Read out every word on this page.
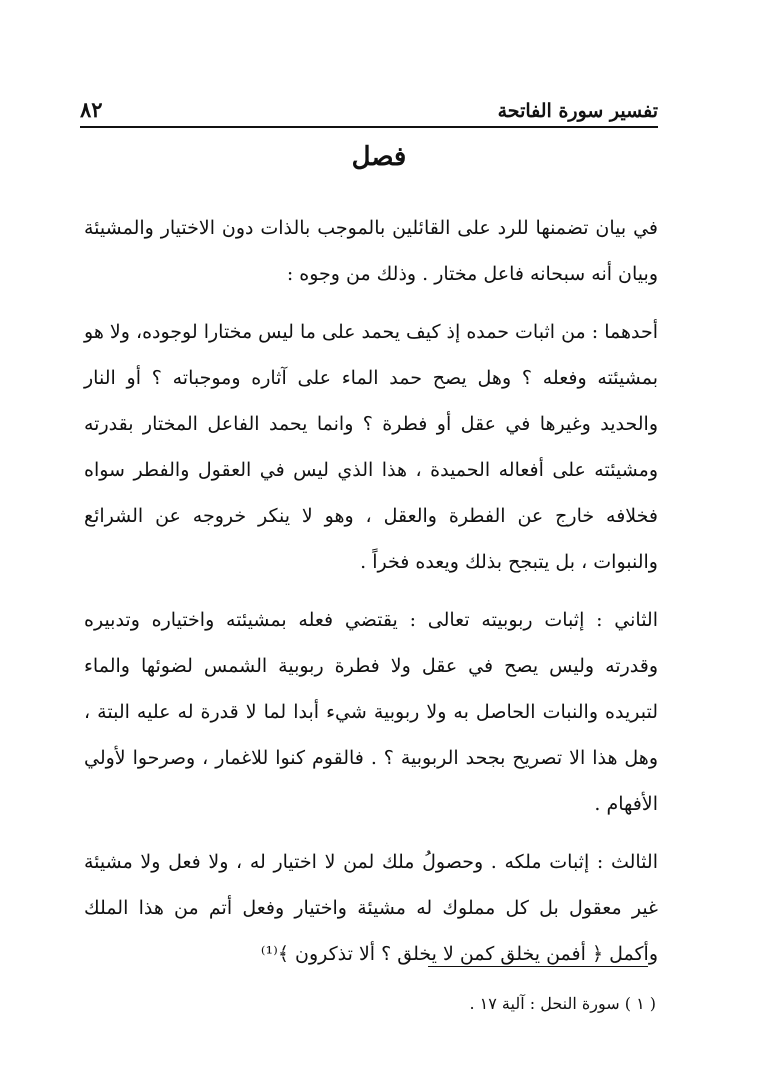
تفسير سورة الفاتحة
٨٢
فصل

في بيان تضمنها للرد على القائلين بالموجب بالذات دون الاختيار والمشيئة وبيان أنه سبحانه فاعل مختار . وذلك من وجوه :

أحدهما : من اثبات حمده إذ كيف يحمد على ما ليس مختارا لوجوده، ولا هو بمشيئته وفعله ؟ وهل يصح حمد الماء على آثاره وموجباته ؟ أو النار والحديد وغيرها في عقل أو فطرة ؟ وانما يحمد الفاعل المختار بقدرته ومشيئته على أفعاله الحميدة ، هذا الذي ليس في العقول والفطر سواه فخلافه خارج عن الفطرة والعقل ، وهو لا ينكر خروجه عن الشرائع والنبوات ، بل يتبجح بذلك ويعده فخراً .

الثاني : إثبات ربوبيته تعالى : يقتضي فعله بمشيئته واختياره وتدبيره وقدرته وليس يصح في عقل ولا فطرة ربوبية الشمس لضوئها والماء لتبريده والنبات الحاصل به ولا ربوبية شيء أبدا لما لا قدرة له عليه البتة ، وهل هذا الا تصريح بجحد الربوبية ؟ . فالقوم كنوا للاغمار ، وصرحوا لأولي الأفهام .

الثالث : إثبات ملكه . وحصولُ ملك لمن لا اختيار له ، ولا فعل ولا مشيئة غير معقول بل كل مملوك له مشيئة واختيار وفعل أتم من هذا الملك وأكمل ﴿ أفمن يخلق كمن لا يخلق ؟ ألا تذكرون ﴾⁽¹⁾

( ١ ) سورة النحل : آلية ١٧ .
